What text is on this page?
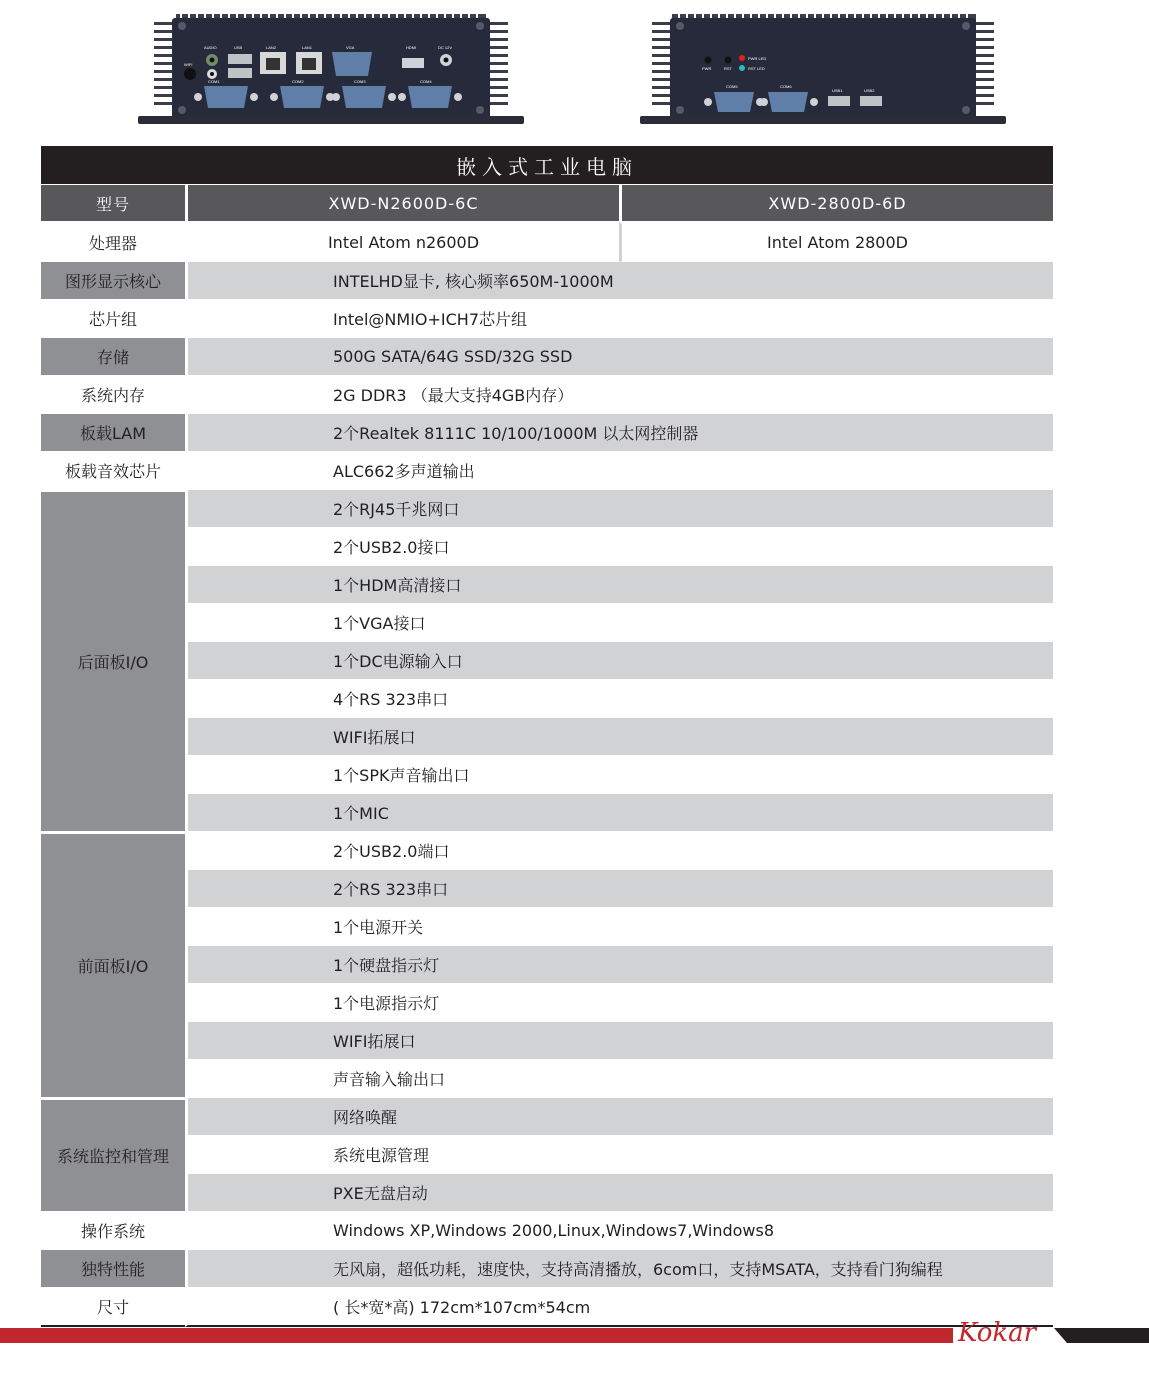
AUDIO	USB	LAN2	LAN1	VGA	HDMI	DC 12V
WIFI
COM1	COM2	COM3	COM4
PWR LED
RST LED
PWR	RST
COM5	COM6
USB1	USB2
嵌入式工业电脑		
型号	XWD-N2600D-6C	XWD-2800D-6D
处理器	Intel Atom n2600D	Intel Atom 2800D
图形显示核心	INTELHD显卡, 核心频率650M-1000M	
芯片组	Intel@NMIO+ICH7芯片组	
存储	500G SATA/64G SSD/32G SSD	
系统内存	2G DDR3 （最大支持4GB内存）	
板载LAM	2个Realtek 8111C 10/100/1000M 以太网控制器	
板载音效芯片	ALC662多声道输出	
后面板I/O	2个RJ45千兆网口	
	2个USB2.0接口	
	1个HDM高清接口	
	1个VGA接口	
	1个DC电源输入口	
	4个RS 323串口	
	WIFI拓展口	
	1个SPK声音输出口	
	1个MIC	
前面板I/O	2个USB2.0端口	
	2个RS 323串口	
	1个电源开关	
	1个硬盘指示灯	
	1个电源指示灯	
	WIFI拓展口	
	声音输入输出口	
系统监控和管理	网络唤醒	
	系统电源管理	
	PXE无盘启动	
操作系统	Windows XP,Windows 2000,Linux,Windows7,Windows8	
独特性能	无风扇，超低功耗，速度快，支持高清播放，6com口，支持MSATA，支持看门狗编程	
尺寸	( 长*宽*高) 172cm*107cm*54cm	
Kokar
